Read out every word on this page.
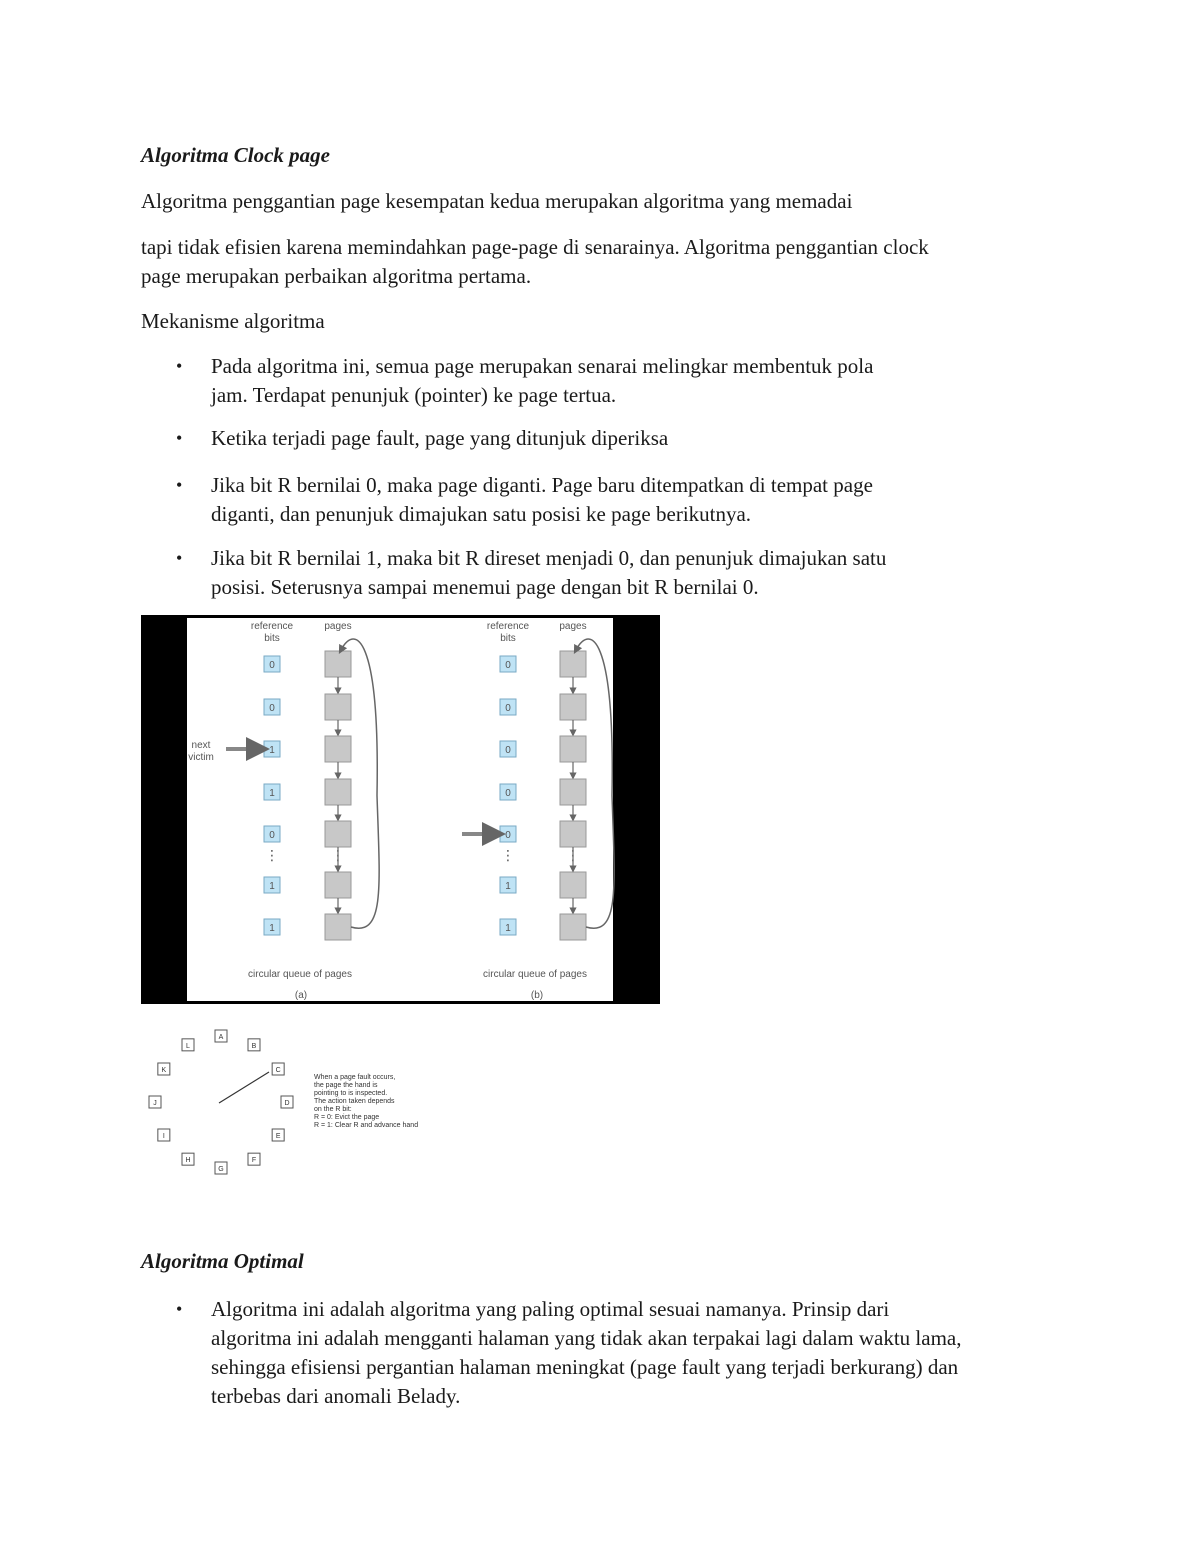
Algoritma Clock page

Algoritma penggantian page kesempatan kedua merupakan algoritma yang memadai

tapi tidak efisien karena memindahkan page-page di senarainya. Algoritma penggantian clock

page merupakan perbaikan algoritma pertama.

Mekanisme algoritma

• Pada algoritma ini, semua page merupakan senarai melingkar membentuk pola

jam. Terdapat penunjuk (pointer) ke page tertua.

• Ketika terjadi page fault, page yang ditunjuk diperiksa

• Jika bit R bernilai 0, maka page diganti. Page baru ditempatkan di tempat page

diganti, dan penunjuk dimajukan satu posisi ke page berikutnya.

• Jika bit R bernilai 1, maka bit R direset menjadi 0, dan penunjuk dimajukan satu

posisi. Seterusnya sampai menemui page dengan bit R bernilai 0.

reference
bits
pages
0
0
1
1
0
1
1
⋮	⋮
next
victim
circular queue of pages
(a)
reference
bits
pages
0
0
0
0
0
1
1
⋮	⋮
circular queue of pages
(b)
A
B
C
D
E
F
G
H
I
J
K
L
When a page fault occurs,
the page the hand is
pointing to is inspected.
The action taken depends
on the R bit:
R = 0: Evict the page
R = 1: Clear R and advance hand

Algoritma Optimal

• Algoritma ini adalah algoritma yang paling optimal sesuai namanya. Prinsip dari

algoritma ini adalah mengganti halaman yang tidak akan terpakai lagi dalam waktu lama,

sehingga efisiensi pergantian halaman meningkat (page fault yang terjadi berkurang) dan

terbebas dari anomali Belady.
